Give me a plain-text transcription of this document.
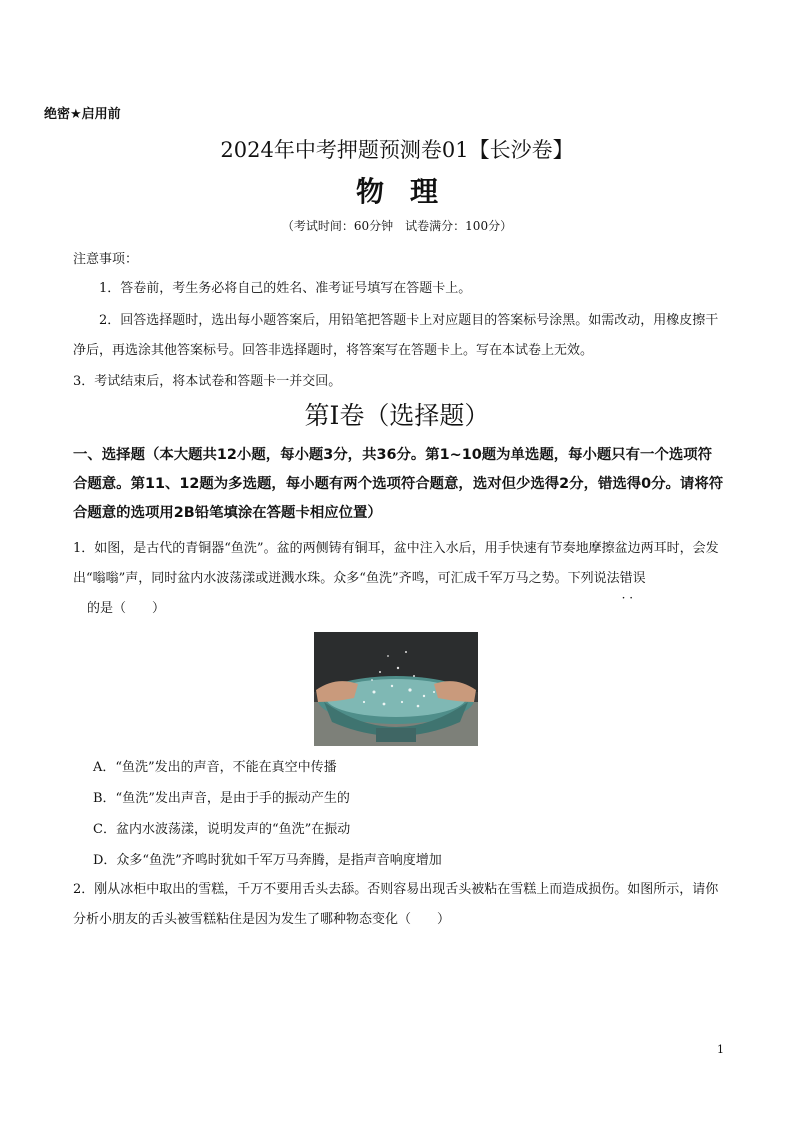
绝密★启用前
2024年中考押题预测卷01【长沙卷】
物理
（考试时间：60分钟　试卷满分：100分）
注意事项：
1．答卷前，考生务必将自己的姓名、准考证号填写在答题卡上。
2．回答选择题时，选出每小题答案后，用铅笔把答题卡上对应题目的答案标号涂黑。如需改动，用橡皮擦干净后，再选涂其他答案标号。回答非选择题时，将答案写在答题卡上。写在本试卷上无效。
3．考试结束后，将本试卷和答题卡一并交回。
第Ⅰ卷（选择题）
一、选择题（本大题共12小题，每小题3分，共36分。第1~10题为单选题，每小题只有一个选项符合题意。第11、12题为多选题，每小题有两个选项符合题意，选对但少选得2分，错选得0分。请将符合题意的选项用2B铅笔填涂在答题卡相应位置）
1．如图，是古代的青铜器“鱼洗”。盆的两侧铸有铜耳，盆中注入水后，用手快速有节奏地摩擦盆边两耳时，会发出“嗡嗡”声，同时盆内水波荡漾或迸溅水珠。众多“鱼洗”齐鸣，可汇成千军万马之势。下列说法错误 · ·
的是（　　）
A．“鱼洗”发出的声音，不能在真空中传播
B．“鱼洗”发出声音，是由于手的振动产生的
C．盆内水波荡漾，说明发声的“鱼洗”在振动
D．众多“鱼洗”齐鸣时犹如千军万马奔腾，是指声音响度增加
2．刚从冰柜中取出的雪糕，千万不要用舌头去舔。否则容易出现舌头被粘在雪糕上而造成损伤。如图所示，请你分析小朋友的舌头被雪糕粘住是因为发生了哪种物态变化（　　）
1
